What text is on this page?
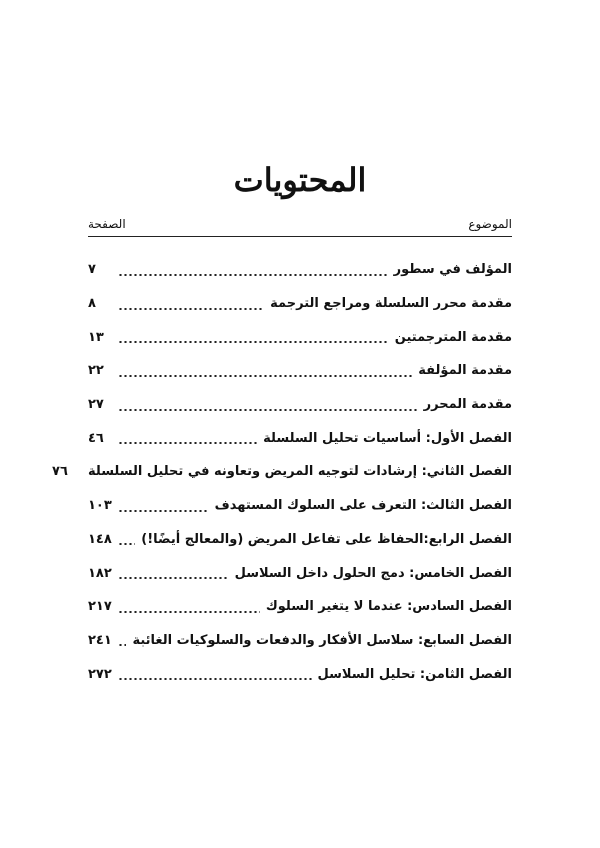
المحتويات
الموضوع
الصفحة
المؤلف في سطور
٧
مقدمة محرر السلسلة ومراجع الترجمة
٨
مقدمة المترجمتين
١٣
مقدمة المؤلفة
٢٢
مقدمة المحرر
٢٧
الفصل الأول: أساسيات تحليل السلسلة
٤٦
الفصل الثاني: إرشادات لتوجيه المريض وتعاونه في تحليل السلسلة
٧٦
الفصل الثالث: التعرف على السلوك المستهدف
١٠٣
الفصل الرابع:الحفاظ على تفاعل المريض (والمعالج أيضًا!)
١٤٨
الفصل الخامس: دمج الحلول داخل السلاسل
١٨٢
الفصل السادس: عندما لا يتغير السلوك
٢١٧
الفصل السابع: سلاسل الأفكار والدفعات والسلوكيات الغائبة
٢٤١
الفصل الثامن: تحليل السلاسل
٢٧٢
